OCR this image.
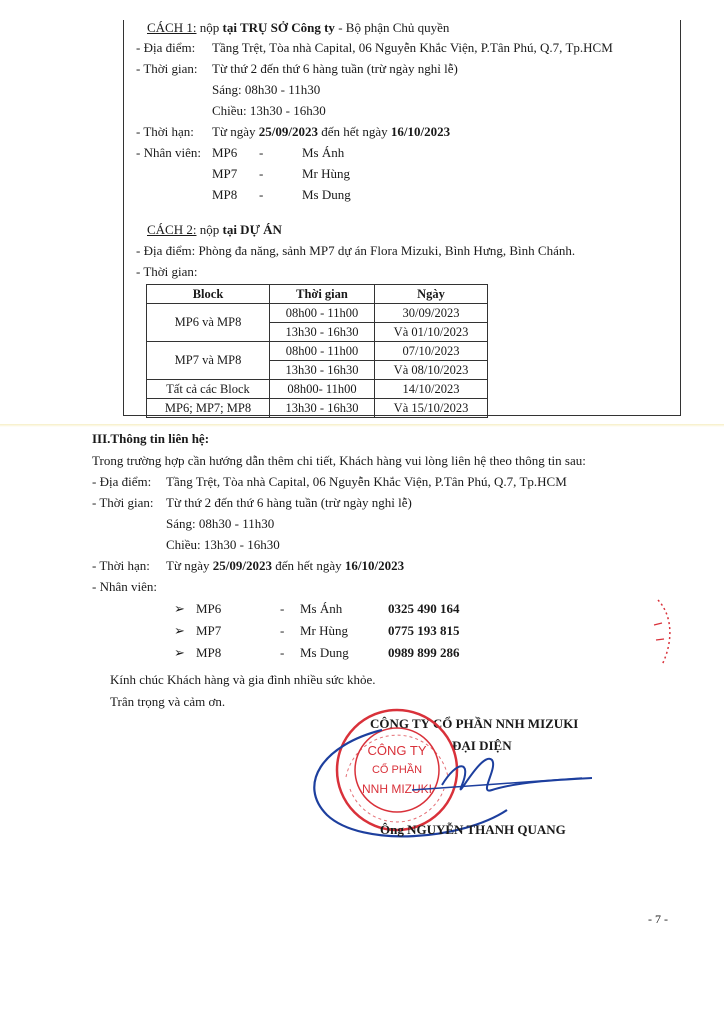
CÁCH 1: nộp tại TRỤ SỞ Công ty - Bộ phận Chủ quyền
- Địa điểm: Tầng Trệt, Tòa nhà Capital, 06 Nguyễn Khắc Viện, P.Tân Phú, Q.7, Tp.HCM
- Thời gian: Từ thứ 2 đến thứ 6 hàng tuần (trừ ngày nghỉ lễ)
Sáng: 08h30 - 11h30
Chiều: 13h30 - 16h30
- Thời hạn: Từ ngày 25/09/2023 đến hết ngày 16/10/2023
- Nhân viên: MP6 -	Ms Ánh
MP7 -	Mr Hùng
MP8 -	Ms Dung
CÁCH 2: nộp tại DỰ ÁN
- Địa điểm: Phòng đa năng, sảnh MP7 dự án Flora Mizuki, Bình Hưng, Bình Chánh.
- Thời gian:
Block	Thời gian	Ngày
MP6 và MP8	08h00 - 11h00	30/09/2023
	13h30 - 16h30	Và 01/10/2023
MP7 và MP8	08h00 - 11h00	07/10/2023
	13h30 - 16h30	Và 08/10/2023
Tất cả các Block	08h00- 11h00	14/10/2023
MP6; MP7; MP8	13h30 - 16h30	Và 15/10/2023
III.Thông tin liên hệ:
Trong trường hợp cần hướng dẫn thêm chi tiết, Khách hàng vui lòng liên hệ theo thông tin sau:
- Địa điểm: Tầng Trệt, Tòa nhà Capital, 06 Nguyễn Khắc Viện, P.Tân Phú, Q.7, Tp.HCM
- Thời gian: Từ thứ 2 đến thứ 6 hàng tuần (trừ ngày nghỉ lễ)
Sáng: 08h30 - 11h30
Chiều: 13h30 - 16h30
- Thời hạn: Từ ngày 25/09/2023 đến hết ngày 16/10/2023
- Nhân viên:
➢ MP6	- Ms Ánh	0325 490 164
➢ MP7	- Mr Hùng	0775 193 815
➢ MP8	- Ms Dung	0989 899 286
Kính chúc Khách hàng và gia đình nhiều sức khỏe.
Trân trọng và cảm ơn.
CÔNG TY CỔ PHẦN NNH MIZUKI
ĐẠI DIỆN
CÔNG TY
CỔ PHẦN
NNH MIZUKI
Ông NGUYỄN THANH QUANG
- 7 -
